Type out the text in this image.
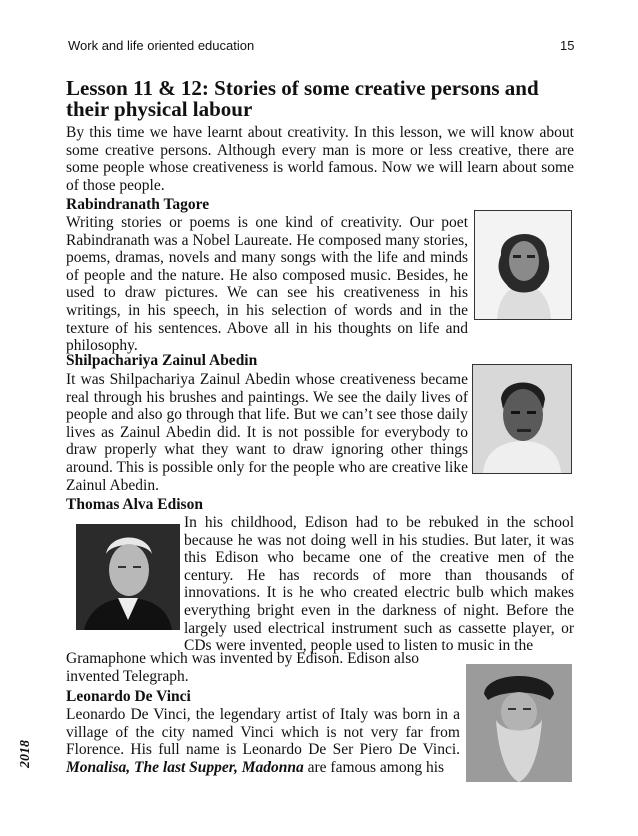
Work and life oriented education	15
Lesson 11 & 12: Stories of some creative persons and their physical labour

By this time we have learnt about creativity. In this lesson, we will know about some creative persons. Although every man is more or less creative, there are some people whose creativeness is world famous. Now we will learn about some of those people.

Rabindranath Tagore

Writing stories or poems is one kind of creativity. Our poet Rabindranath was a Nobel Laureate. He composed many stories, poems, dramas, novels and many songs with the life and minds of people and the nature. He also composed music. Besides, he used to draw pictures. We can see his creativeness in his writings, in his speech, in his selection of words and in the texture of his sentences. Above all in his thoughts on life and philosophy.

Shilpachariya Zainul Abedin

It was Shilpachariya Zainul Abedin whose creativeness became real through his brushes and paintings. We see the daily lives of people and also go through that life. But we can’t see those daily lives as Zainul Abedin did. It is not possible for everybody to draw properly what they want to draw ignoring other things around. This is possible only for the people who are creative like Zainul Abedin.

Thomas Alva Edison

In his childhood, Edison had to be rebuked in the school because he was not doing well in his studies. But later, it was this Edison who became one of the creative men of the century. He has records of more than thousands of innovations. It is he who created electric bulb which makes everything bright even in the darkness of night. Before the largely used electrical instrument such as cassette player, or CDs were invented, people used to listen to music in the

Gramaphone which was invented by Edison. Edison also invented Telegraph.

Leonardo De Vinci

Leonardo De Vinci, the legendary artist of Italy was born in a village of the city named Vinci which is not very far from Florence. His full name is Leonardo De Ser Piero De Vinci. Monalisa, The last Supper, Madonna are famous among his

2018
